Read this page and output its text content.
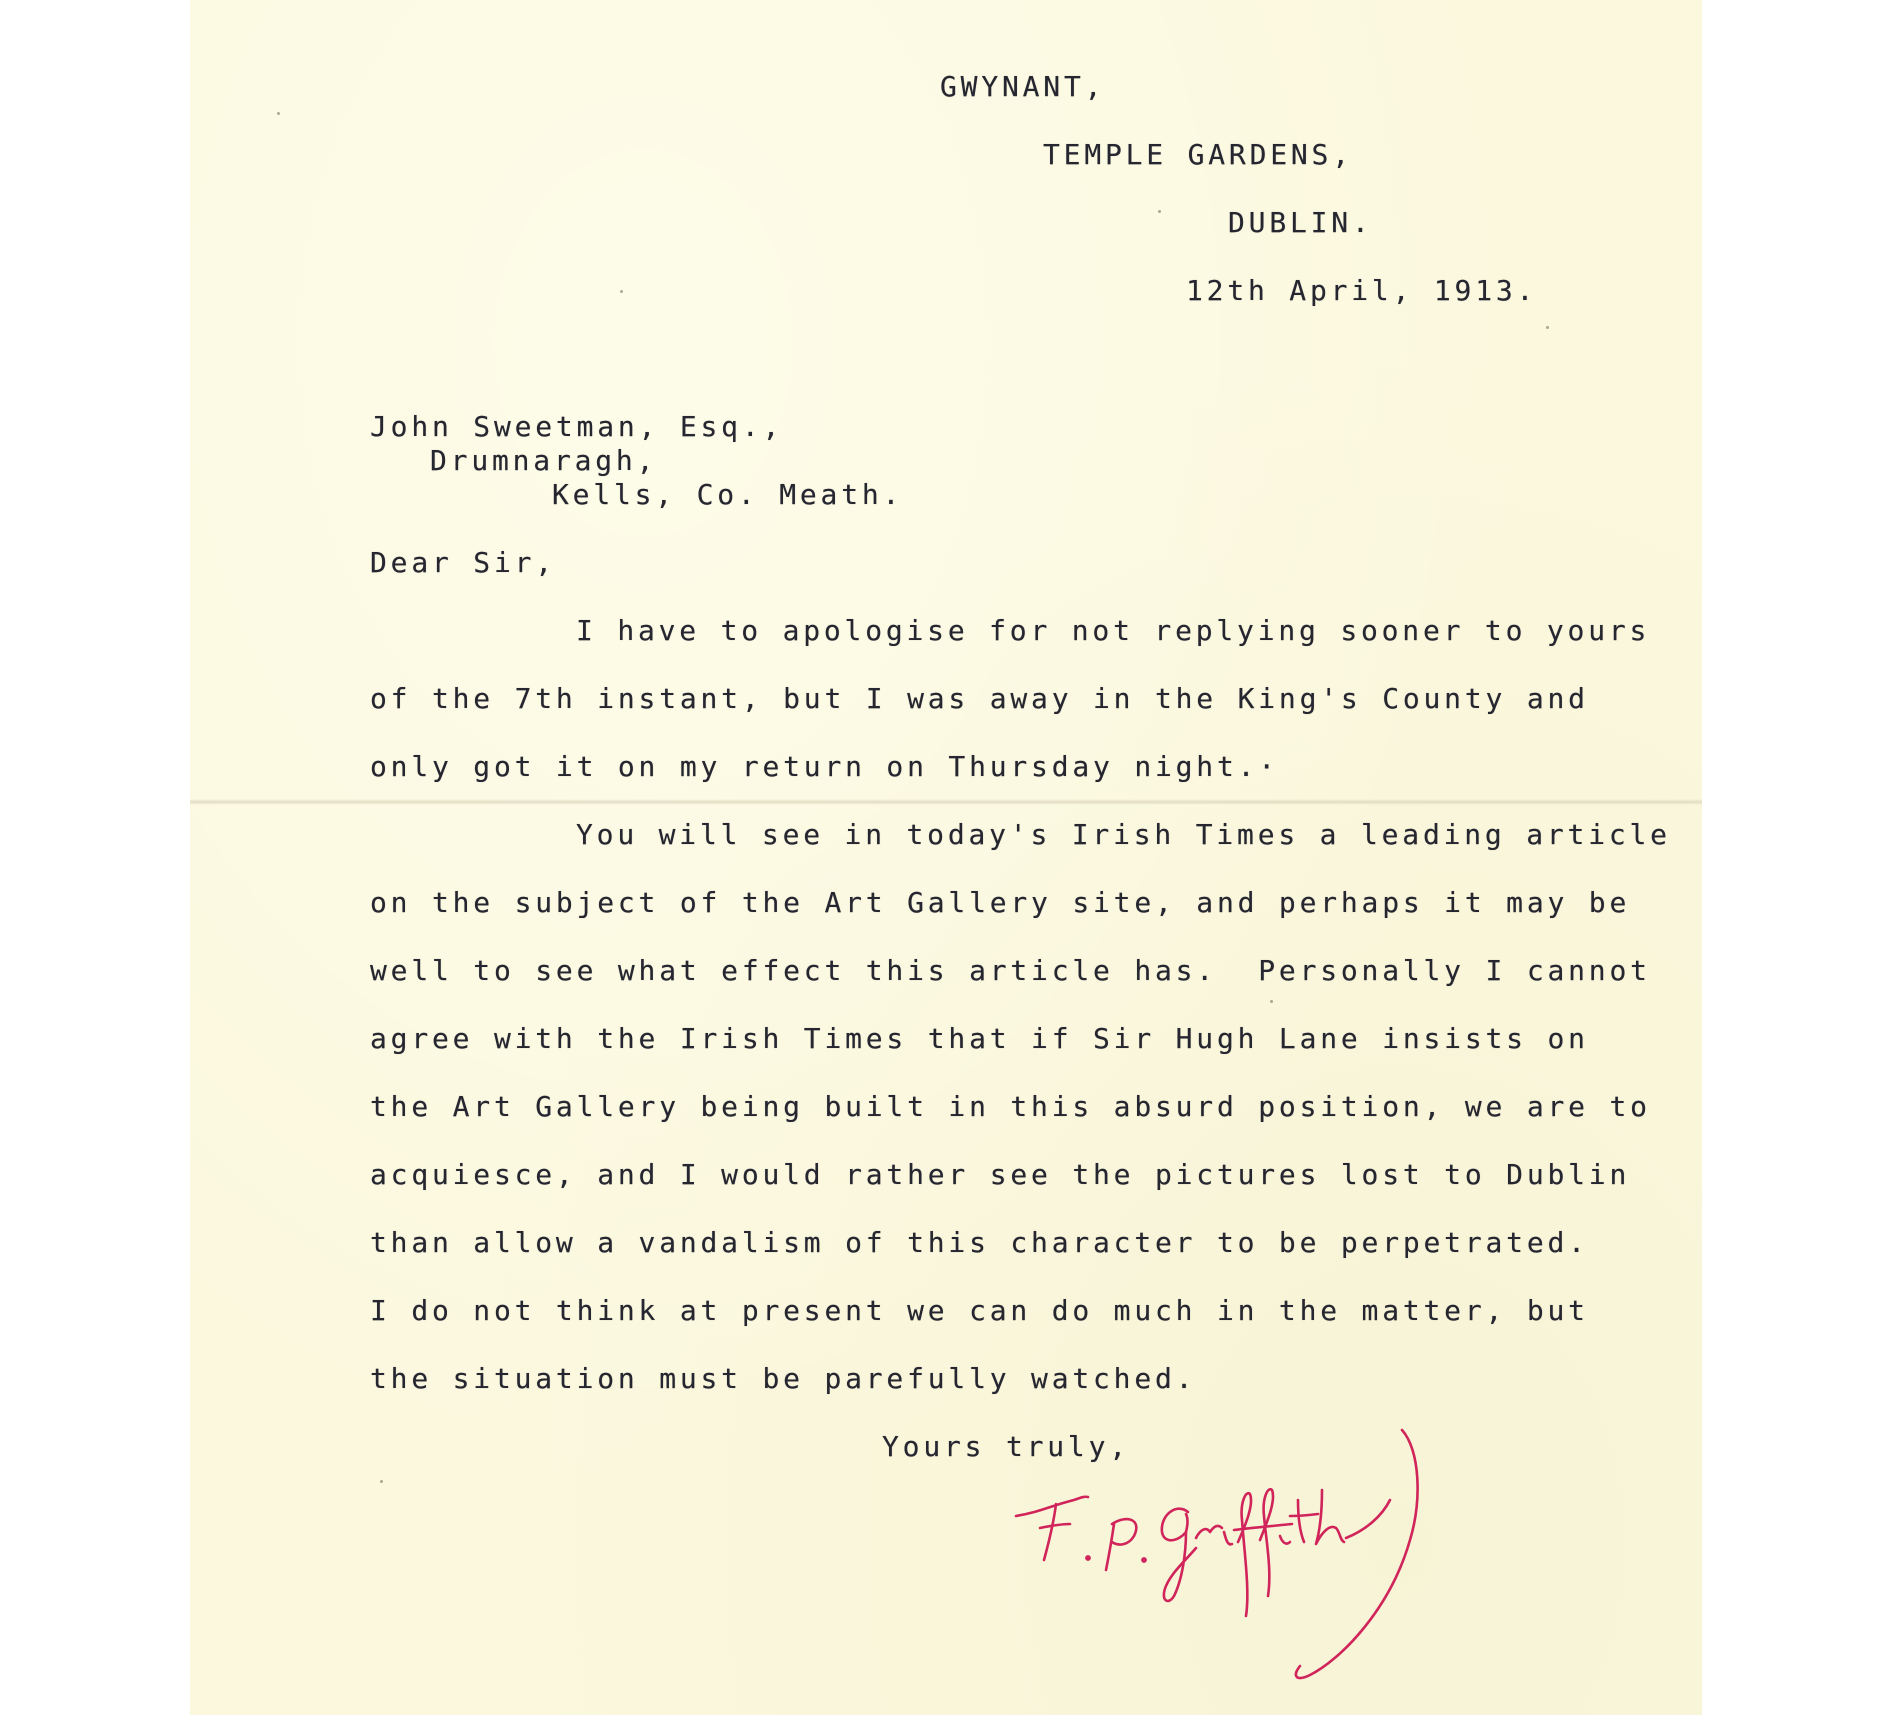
GWYNANT,

TEMPLE GARDENS,

DUBLIN.

12th April, 1913.

John Sweetman, Esq.,

Drumnaragh,

Kells, Co. Meath.

Dear Sir,

I have to apologise for not replying sooner to yours

of the 7th instant, but I was away in the King's County and

only got it on my return on Thursday night.·

You will see in today's Irish Times a leading article

on the subject of the Art Gallery site, and perhaps it may be

well to see what effect this article has.  Personally I cannot

agree with the Irish Times that if Sir Hugh Lane insists on

the Art Gallery being built in this absurd position, we are to

acquiesce, and I would rather see the pictures lost to Dublin

than allow a vandalism of this character to be perpetrated.

I do not think at present we can do much in the matter, but

the situation must be parefully watched.

Yours truly,
